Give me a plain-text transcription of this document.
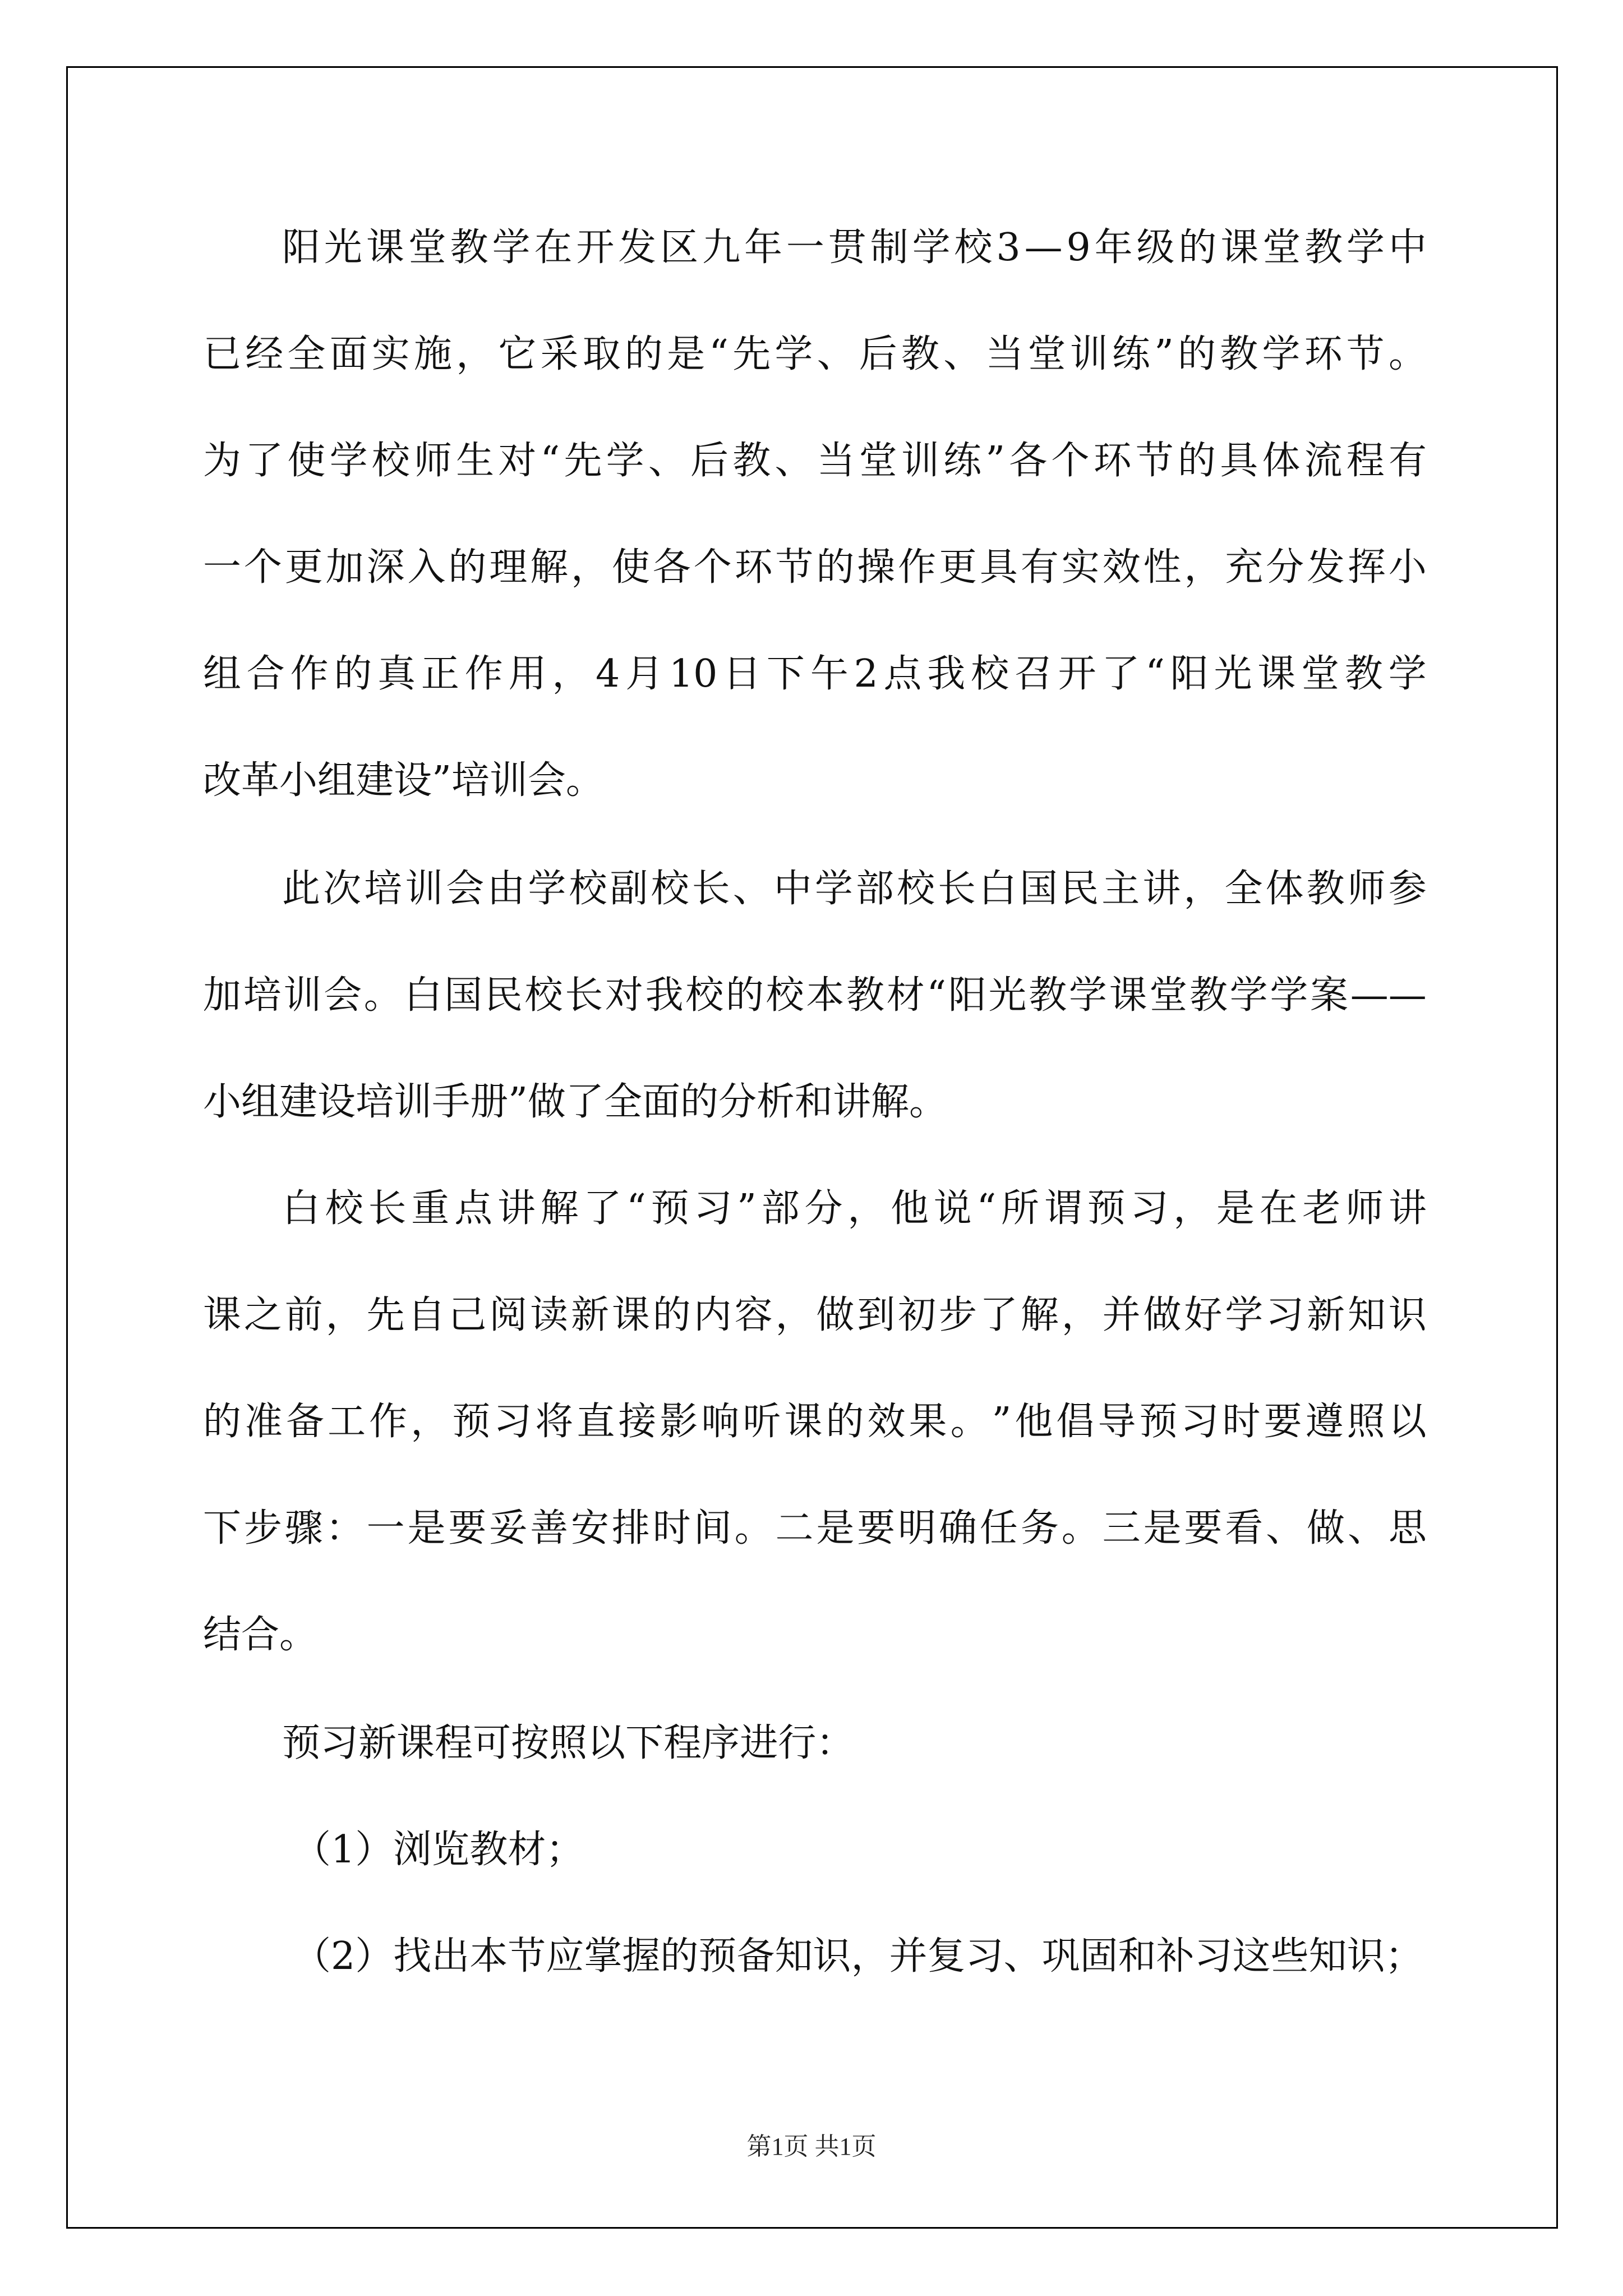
阳 光 课 堂 教 学 在 开 发 区 九 年 一 贯 制 学 校 3 — 9 年 级 的 课 堂 教 学 中
已 经 全 面 实 施 ， 它 采 取 的 是 “ 先 学 、 后 教 、 当 堂 训 练 ” 的 教 学 环 节 。
为 了 使 学 校 师 生 对 “ 先 学 、 后 教 、 当 堂 训 练 ” 各 个 环 节 的 具 体 流 程 有
一 个 更 加 深 入 的 理 解 ， 使 各 个 环 节 的 操 作 更 具 有 实 效 性 ， 充 分 发 挥 小
组 合 作 的 真 正 作 用 ， 4 月 10 日 下 午 2 点 我 校 召 开 了 “ 阳 光 课 堂 教 学
改 革 小 组 建 设 ” 培 训 会 。
此 次 培 训 会 由 学 校 副 校 长 、 中 学 部 校 长 白 国 民 主 讲 ， 全 体 教 师 参
加 培 训 会 。 白 国 民 校 长 对 我 校 的 校 本 教 材 “ 阳 光 教 学 课 堂 教 学 学 案 ——
小 组 建 设 培 训 手 册 ” 做 了 全 面 的 分 析 和 讲 解 。
白 校 长 重 点 讲 解 了 “ 预 习 ” 部 分 ， 他 说 “ 所 谓 预 习 ， 是 在 老 师 讲
课 之 前 ， 先 自 己 阅 读 新 课 的 内 容 ， 做 到 初 步 了 解 ， 并 做 好 学 习 新 知 识
的 准 备 工 作 ， 预 习 将 直 接 影 响 听 课 的 效 果 。 ” 他 倡 导 预 习 时 要 遵 照 以
下 步 骤 ： 一 是 要 妥 善 安 排 时 间 。 二 是 要 明 确 任 务 。 三 是 要 看 、 做 、 思
结 合 。
预 习 新 课 程 可 按 照 以 下 程 序 进 行 ：
（ 1 ） 浏 览 教 材 ；
（ 2 ） 找 出 本 节 应 掌 握 的 预 备 知 识 ， 并 复 习 、 巩 固 和 补 习 这 些 知 识 ；
第1页 共1页
